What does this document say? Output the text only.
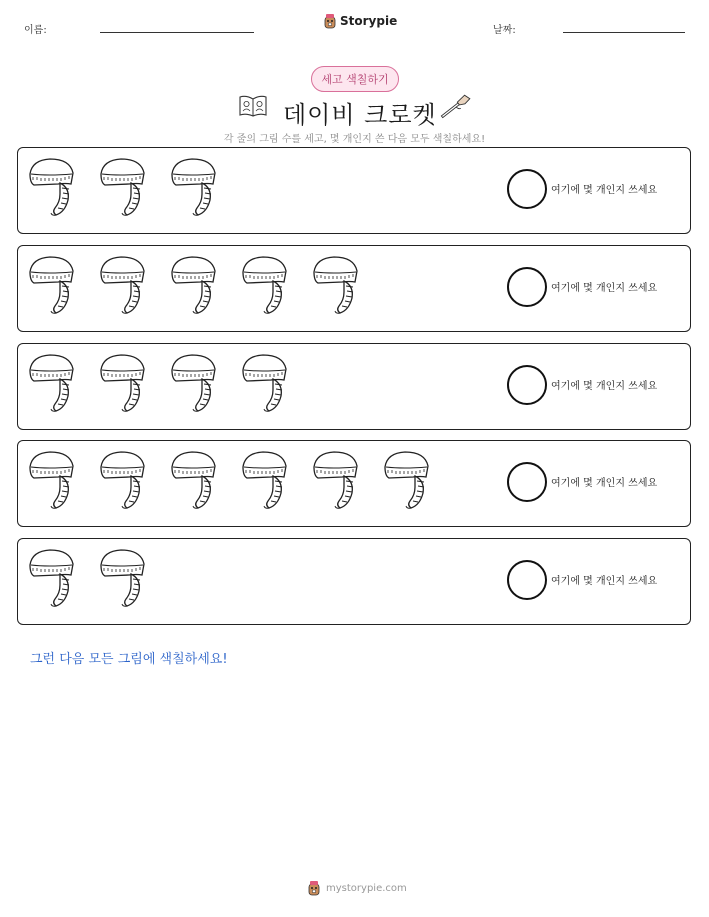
이름:
Storypie
날짜:
세고 색칠하기
데이비 크로켓
각 줄의 그림 수를 세고, 몇 개인지 쓴 다음 모두 색칠하세요!
여기에 몇 개인지 쓰세요
여기에 몇 개인지 쓰세요
여기에 몇 개인지 쓰세요
여기에 몇 개인지 쓰세요
여기에 몇 개인지 쓰세요
그런 다음 모든 그림에 색칠하세요!
mystorypie.com
